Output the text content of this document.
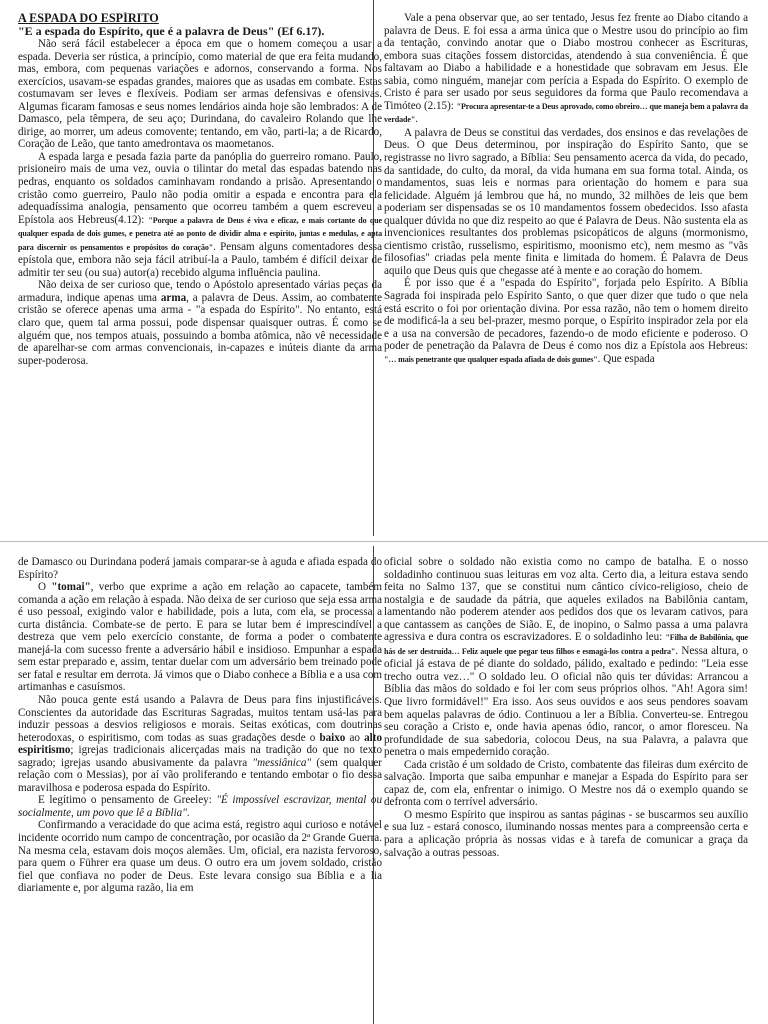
A ESPADA DO ESPÍRITO
"E a espada do Espírito, que é a palavra de Deus" (Ef 6.17).

Não será fácil estabelecer a época em que o homem começou a usar a espada. Deveria ser rústica, a princípio, como material de que era feita mudando, mas, embora, com pequenas variações e adornos, conservando a forma. Nos exercícios, usavam-se espadas grandes, maiores que as usadas em combate. Estas costumavam ser leves e flexíveis. Podiam ser armas defensivas e ofensivas. Algumas ficaram famosas e seus nomes lendários ainda hoje são lembrados: A de Damasco, pela têmpera, de seu aço; Durindana, do cavaleiro Rolando que lhe dirige, ao morrer, um adeus comovente; tentando, em vão, parti-la; a de Ricardo, Coração de Leão, que tanto amedrontava os maometanos.

A espada larga e pesada fazia parte da panóplia do guerreiro romano. Paulo, prisioneiro mais de uma vez, ouvia o tilintar do metal das espadas batendo nas pedras, enquanto os soldados caminhavam rondando a prisão. Apresentando o cristão como guerreiro, Paulo não podia omitir a espada e encontra para ela adequadíssima analogia, pensamento que ocorreu também a quem escreveu a Epístola aos Hebreus(4.12): "Porque a palavra de Deus é viva e eficaz, e mais cortante do que qualquer espada de dois gumes, e penetra até ao ponto de dividir alma e espírito, juntas e medulas, e apta para discernir os pensamentos e propósitos do coração". Pensam alguns comentadores dessa epístola que, embora não seja fácil atribuí-la a Paulo, também é difícil deixar de admitir ter seu (ou sua) autor(a) recebido alguma influência paulina.

Não deixa de ser curioso que, tendo o Apóstolo apresentado várias peças da armadura, indique apenas uma arma, a palavra de Deus. Assim, ao combatente cristão se oferece apenas uma arma - "a espada do Espírito". No entanto, está claro que, quem tal arma possui, pode dispensar quaisquer outras. É como se alguém que, nos tempos atuais, possuindo a bomba atômica, não vê necessidade de aparelhar-se com armas convencionais, in-capazes e inúteis diante da arma super-poderosa.

Vale a pena observar que, ao ser tentado, Jesus fez frente ao Diabo citando a palavra de Deus. E foi essa a arma única que o Mestre usou do princípio ao fim da tentação, convindo anotar que o Diabo mostrou conhecer as Escrituras, embora suas citações fossem distorcidas, atendendo à sua conveniência. É que faltavam ao Diabo a habilidade e a honestidade que sobravam em Jesus. Ele sabia, como ninguém, manejar com perícia a Espada do Espírito. O exemplo de Cristo é para ser usado por seus seguidores da forma que Paulo recomendava a Timóteo (2.15): "Procura apresentar-te a Deus aprovado, como obreiro… que maneja bem a palavra da verdade".

A palavra de Deus se constitui das verdades, dos ensinos e das revelações de Deus. O que Deus determinou, por inspiração do Espírito Santo, que se registrasse no livro sagrado, a Bíblia: Seu pensamento acerca da vida, do pecado, da santidade, do culto, da moral, da vida humana em sua forma total. Ainda, os mandamentos, suas leis e normas para orientação do homem e para sua felicidade. Alguém já lembrou que há, no mundo, 32 milhões de leis que bem poderiam ser dispensadas se os 10 mandamentos fossem obedecidos. Isso afasta qualquer dúvida no que diz respeito ao que é Palavra de Deus. Não sustenta ela as invencionices resultantes dos problemas psicopáticos de alguns (mormonismo, cientismo cristão, russelismo, espiritismo, moonismo etc), nem mesmo as "vãs filosofias" criadas pela mente finita e limitada do homem. É Palavra de Deus aquilo que Deus quis que chegasse até à mente e ao coração do homem.

É por isso que é a "espada do Espírito", forjada pelo Espírito. A Bíblia Sagrada foi inspirada pelo Espírito Santo, o que quer dizer que tudo o que nela está escrito o foi por orientação divina. Por essa razão, não tem o homem direito de modificá-la a seu bel-prazer, mesmo porque, o Espírito inspirador zela por ela e a usa na conversão de pecadores, fazendo-o de modo eficiente e poderoso. O poder de penetração da Palavra de Deus é como nos diz a Epístola aos Hebreus: "… mais penetrante que qualquer espada afiada de dois gumes". Que espada

de Damasco ou Durindana poderá jamais comparar-se à aguda e afiada espada do Espírito?

O "tomai", verbo que exprime a ação em relação ao capacete, também comanda a ação em relação à espada. Não deixa de ser curioso que seja essa arma é uso pessoal, exigindo valor e habilidade, pois a luta, com ela, se processa a curta distância. Combate-se de perto. E para se lutar bem é imprescindível a destreza que vem pelo exercício constante, de forma a poder o combatente manejá-la com sucesso frente a adversário hábil e insidioso. Empunhar a espada sem estar preparado e, assim, tentar duelar com um adversário bem treinado pode ser fatal e resultar em derrota. Já vimos que o Diabo conhece a Bíblia e a usa com artimanhas e casuísmos.

Não pouca gente está usando a Palavra de Deus para fins injustificáveis. Conscientes da autoridade das Escrituras Sagradas, muitos tentam usá-las para induzir pessoas a desvios religiosos e morais. Seitas exóticas, com doutrinas heterodoxas, o espiritismo, com todas as suas gradações desde o baixo ao alto espiritismo; igrejas tradicionais alicerçadas mais na tradição do que no texto sagrado; igrejas usando abusivamente da palavra "messiânica" (sem qualquer relação com o Messias), por aí vão proliferando e tentando embotar o fio dessa maravilhosa e poderosa espada do Espírito.

E legítimo o pensamento de Greeley: "É impossível escravizar, mental ou socialmente, um povo que lê a Bíblia".

Confirmando a veracidade do que acima está, registro aqui curioso e notável incidente ocorrido num campo de concentração, por ocasião da 2ª Grande Guerra. Na mesma cela, estavam dois moços alemães. Um, oficial, era nazista fervoroso, para quem o Führer era quase um deus. O outro era um jovem soldado, cristão fiel que confiava no poder de Deus. Este levara consigo sua Bíblia e a lia diariamente e, por alguma razão, lia em

oficial sobre o soldado não existia como no campo de batalha. E o nosso soldadinho continuou suas leituras em voz alta. Certo dia, a leitura estava sendo feita no Salmo 137, que se constitui num cântico cívico-religioso, cheio de nostalgia e de saudade da pátria, que aqueles exilados na Babilônia cantam, lamentando não poderem atender aos pedidos dos que os levaram cativos, para que cantassem as canções de Sião. E, de inopino, o Salmo passa a uma palavra agressiva e dura contra os escravizadores. E o soldadinho leu: "Filha de Babilônia, que hás de ser destruída… Feliz aquele que pegar teus filhos e esmagá-los contra a pedra". Nessa altura, o oficial já estava de pé diante do soldado, pálido, exaltado e pedindo: "Leia esse trecho outra vez…" O soldado leu. O oficial não quis ter dúvidas: Arrancou a Bíblia das mãos do soldado e foi ler com seus próprios olhos. "Ah! Agora sim! Que livro formidável!" Era isso. Aos seus ouvidos e aos seus pendores soavam bem aquelas palavras de ódio. Continuou a ler a Bíblia. Converteu-se. Entregou seu coração a Cristo e, onde havia apenas ódio, rancor, o amor floresceu. Na profundidade de sua sabedoria, colocou Deus, na sua Palavra, a palavra que penetra o mais empedernido coração.

Cada cristão é um soldado de Cristo, combatente das fileiras dum exército de salvação. Importa que saiba empunhar e manejar a Espada do Espírito para ser capaz de, com ela, enfrentar o inimigo. O Mestre nos dá o exemplo quando se defronta com o terrível adversário.

O mesmo Espírito que inspirou as santas páginas - se buscarmos seu auxílio e sua luz - estará conosco, iluminando nossas mentes para a compreensão certa e para a aplicação própria às nossas vidas e à tarefa de comunicar a graça da salvação a outras pessoas.
